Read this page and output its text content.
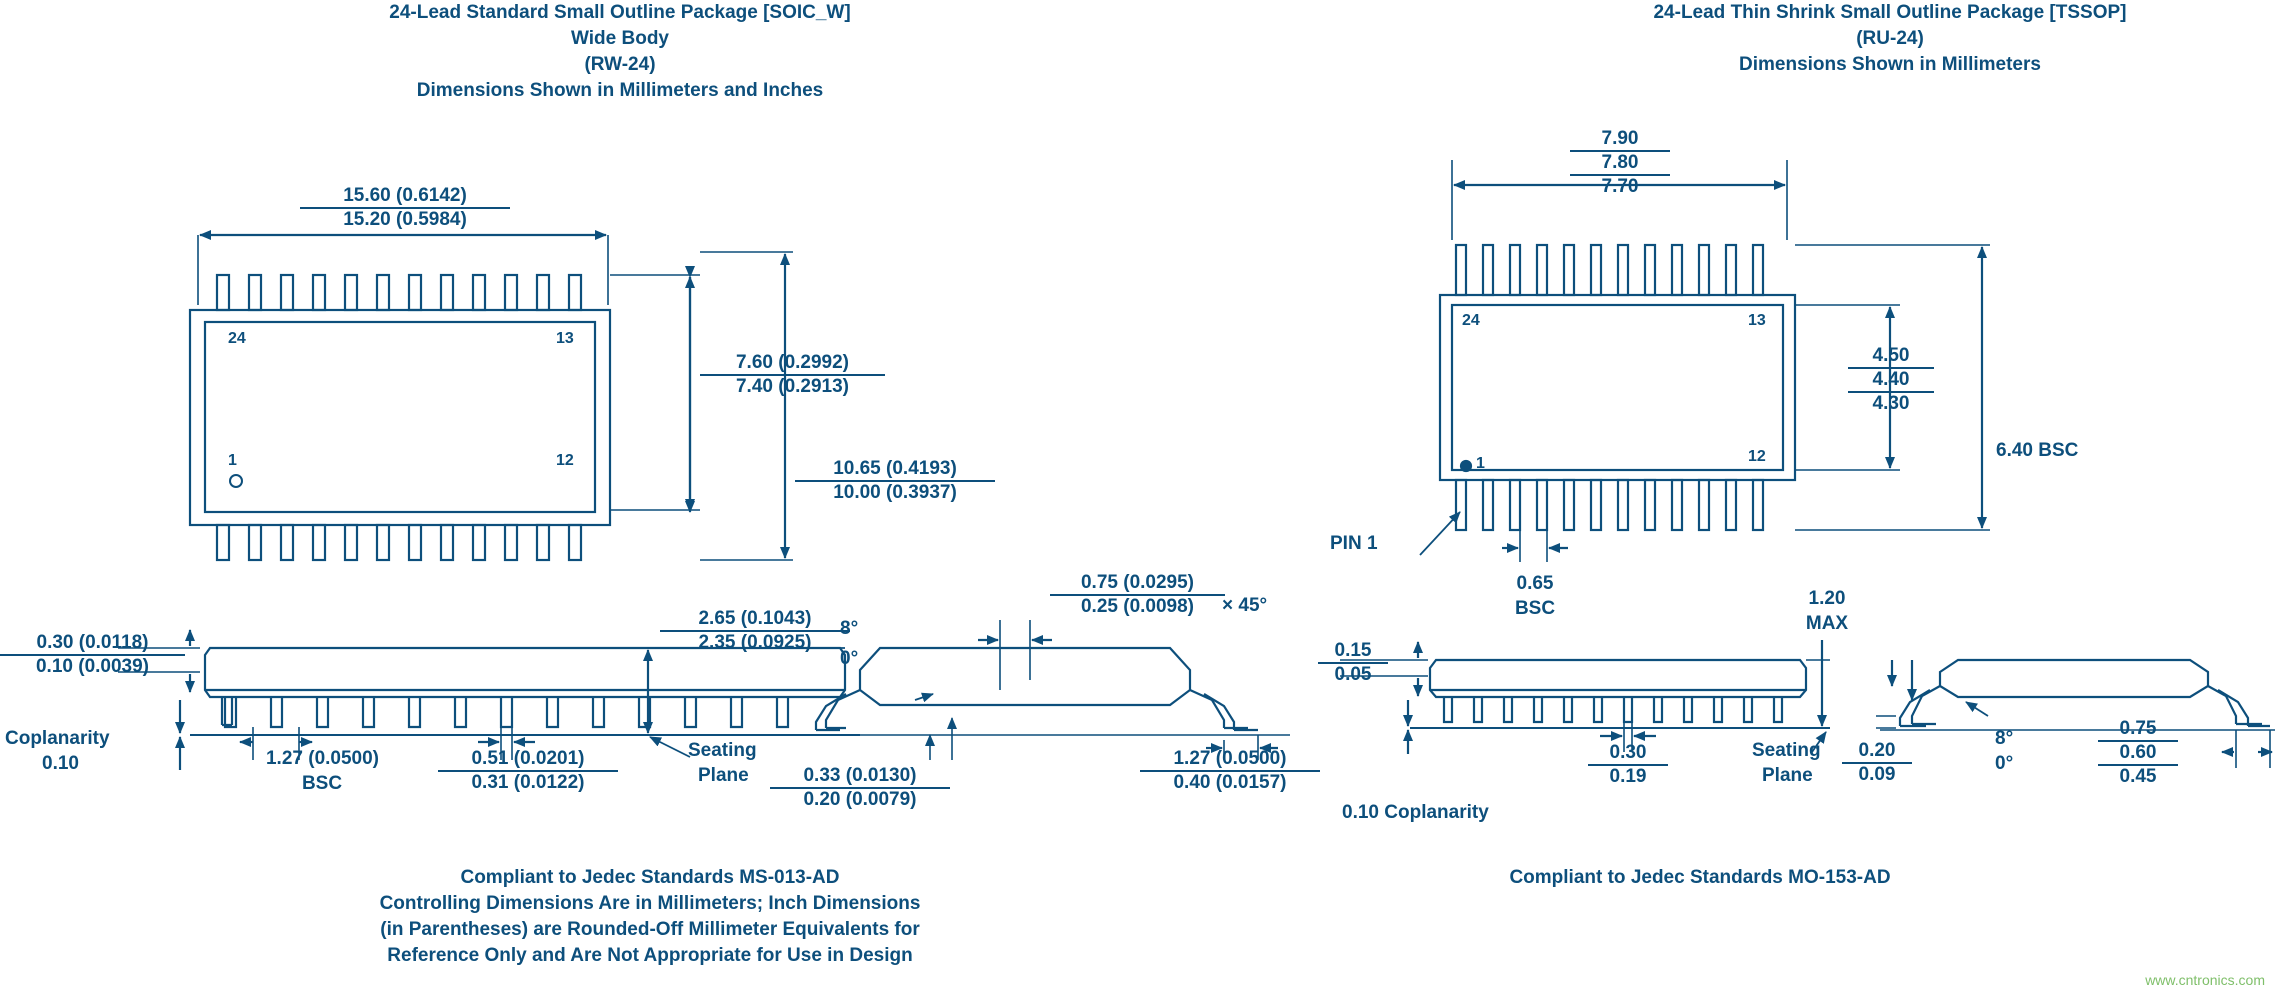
24-Lead Standard Small Outline Package [SOIC_W]
Wide Body
(RW-24)
Dimensions Shown in Millimeters and Inches
$\frac{15.60 (0.6142)}{15.20 (0.5984)}$
24	13
1	12
$\frac{7.60 (0.2992)}{7.40 (0.2913)}$
$\frac{10.65 (0.4193)}{10.00 (0.3937)}$
$\frac{0.30 (0.0118)}{0.10 (0.0039)}$
Coplanarity
0.10	1.27 (0.0500)
BSC	$\frac{0.51 (0.0201)}{0.31 (0.0122)}$
$\frac{2.65 (0.1043)}{2.35 (0.0925)}$
Seating
Plane
8°
0°
$\frac{0.75 (0.0295)}{0.25 (0.0098)}$
× 45°
$\frac{0.33 (0.0130)}{0.20 (0.0079)}$	$\frac{1.27 (0.0500)}{0.40 (0.0157)}$
Compliant to Jedec Standards MS-013-AD
Controlling Dimensions Are in Millimeters; Inch Dimensions
(in Parentheses) are Rounded-Off Millimeter Equivalents for
Reference Only and Are Not Appropriate for Use in Design
24-Lead Thin Shrink Small Outline Package [TSSOP]
(RU-24)
Dimensions Shown in Millimeters
7.90
7.80
7.70
24	13
1	12
PIN 1
4.50
4.40
4.30
6.40 BSC
0.65
BSC
$\frac{0.15}{0.05}$
$\frac{0.30}{0.19}$
1.20
MAX
Seating
Plane
0.10 Coplanarity
$\frac{0.20}{0.09}$
8°
0°
0.75
0.60
0.45
Compliant to Jedec Standards MO-153-AD
www.cntronics.com
